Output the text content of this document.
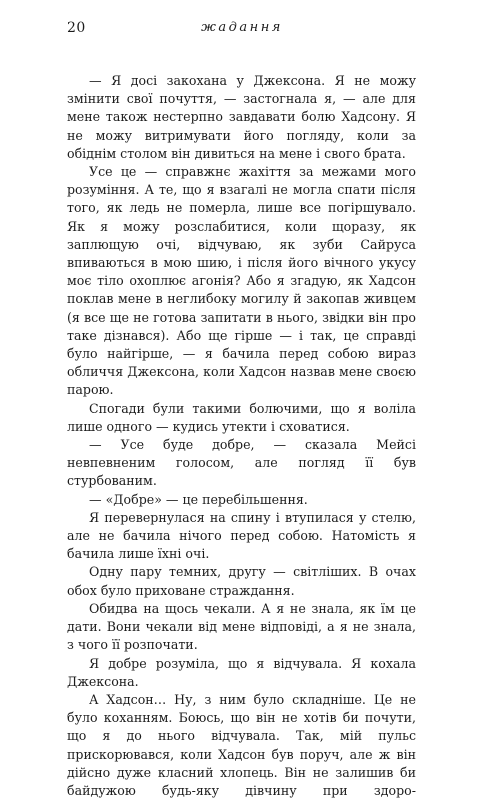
20	жадання

— Я досі закохана у Джексона. Я не можу змінити свої почуття, — застогнала я, — але для мене також нестерпно завдавати болю Хадсону. Я не можу витримувати його погляду, коли за обіднім столом він дивиться на мене і свого брата.

Усе це — справжнє жахіття за межами мого розуміння. А те, що я взагалі не могла спати після того, як ледь не померла, лише все погіршувало. Як я можу розслабитися, коли щоразу, як заплющую очі, відчуваю, як зуби Сайруса впиваються в мою шию, і після його вічного укусу моє тіло охоплює агонія? Або я згадую, як Хадсон поклав мене в неглибоку могилу й закопав живцем (я все ще не готова запитати в нього, звідки він про таке дізнався). Або ще гірше — і так, це справді було найгірше, — я бачила перед собою вираз обличчя Джексона, коли Хадсон назвав мене своєю парою.

Спогади були такими болючими, що я воліла лише одного — кудись утекти і сховатися.

— Усе буде добре, — сказала Мейсі невпевненим голосом, але погляд її був стурбованим.

— «Добре» — це перебільшення.

Я перевернулася на спину і втупилася у стелю, але не бачила нічого перед собою. Натомість я бачила лише їхні очі.

Одну пару темних, другу — світліших. В очах обох було приховане страждання.

Обидва на щось чекали. А я не знала, як їм це дати. Вони чекали від мене відповіді, а я не знала, з чого її розпочати.

Я добре розуміла, що я відчувала. Я кохала Джексона.

А Хадсон… Ну, з ним було складніше. Це не було коханням. Боюсь, що він не хотів би почути, що я до нього відчувала. Так, мій пульс прискорювався, коли Хадсон був поруч, але ж він дійсно дуже класний хлопець. Він не залишив би байдужою будь-яку дівчину при здоро-
